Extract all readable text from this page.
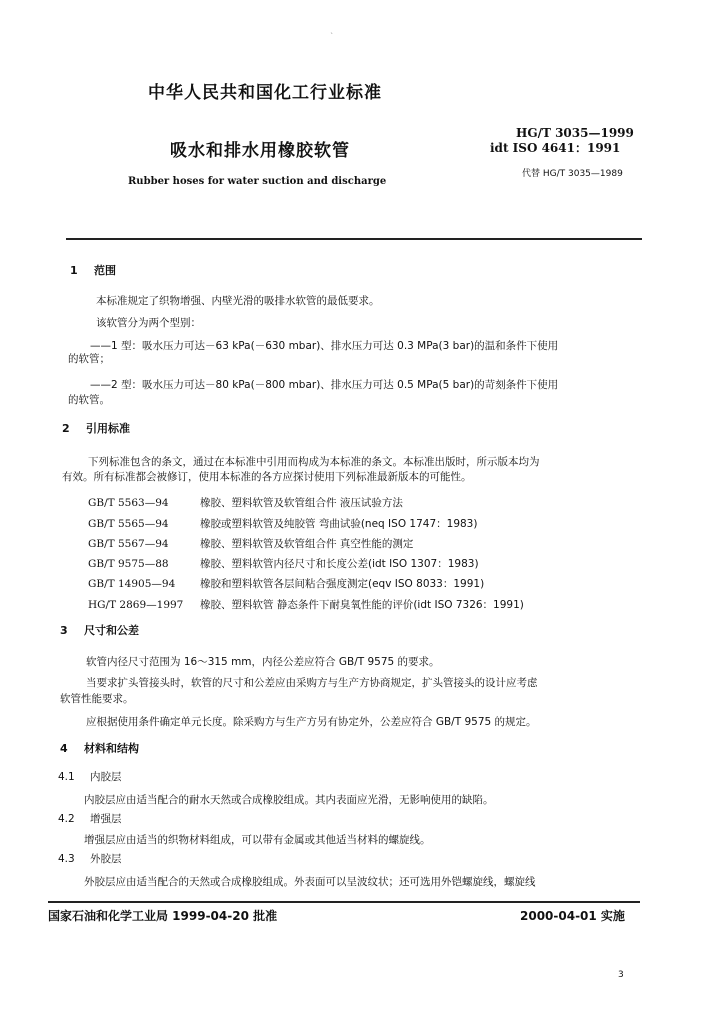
ˋ
中华人民共和国化工行业标准
吸水和排水用橡胶软管
Rubber hoses for water suction and discharge
HG/T 3035—1999
idt ISO 4641：1991
代替 HG/T 3035—1989
1 范围
本标准规定了织物增强、内壁光滑的吸排水软管的最低要求。
该软管分为两个型别：
——1 型：吸水压力可达－63 kPa(－630 mbar)、排水压力可达 0.3 MPa(3 bar)的温和条件下使用
的软管；
——2 型：吸水压力可达－80 kPa(－800 mbar)、排水压力可达 0.5 MPa(5 bar)的苛刻条件下使用
的软管。
2 引用标准
下列标准包含的条文，通过在本标准中引用而构成为本标准的条文。本标准出版时，所示版本均为
有效。所有标准都会被修订，使用本标准的各方应探讨使用下列标准最新版本的可能性。
GB/T 5563—94	橡胶、塑料软管及软管组合件 液压试验方法
GB/T 5565—94	橡胶或塑料软管及纯胶管 弯曲试验(neq ISO 1747：1983)
GB/T 5567—94	橡胶、塑料软管及软管组合件 真空性能的测定
GB/T 9575—88	橡胶、塑料软管内径尺寸和长度公差(idt ISO 1307：1983)
GB/T 14905—94 橡胶和塑料软管各层间粘合强度测定(eqv ISO 8033：1991)
HG/T 2869—1997 橡胶、塑料软管 静态条件下耐臭氧性能的评价(idt ISO 7326：1991)
3 尺寸和公差
软管内径尺寸范围为 16～315 mm，内径公差应符合 GB/T 9575 的要求。
当要求扩头管接头时，软管的尺寸和公差应由采购方与生产方协商规定，扩头管接头的设计应考虑
软管性能要求。
应根据使用条件确定单元长度。除采购方与生产方另有协定外，公差应符合 GB/T 9575 的规定。
4 材料和结构
4.1 内胶层
内胶层应由适当配合的耐水天然或合成橡胶组成。其内表面应光滑，无影响使用的缺陷。
4.2 增强层
增强层应由适当的织物材料组成，可以带有金属或其他适当材料的螺旋线。
4.3 外胶层
外胶层应由适当配合的天然或合成橡胶组成。外表面可以呈波纹状；还可选用外铠螺旋线，螺旋线
国家石油和化学工业局 1999-04-20 批准	2000-04-01 实施
3
